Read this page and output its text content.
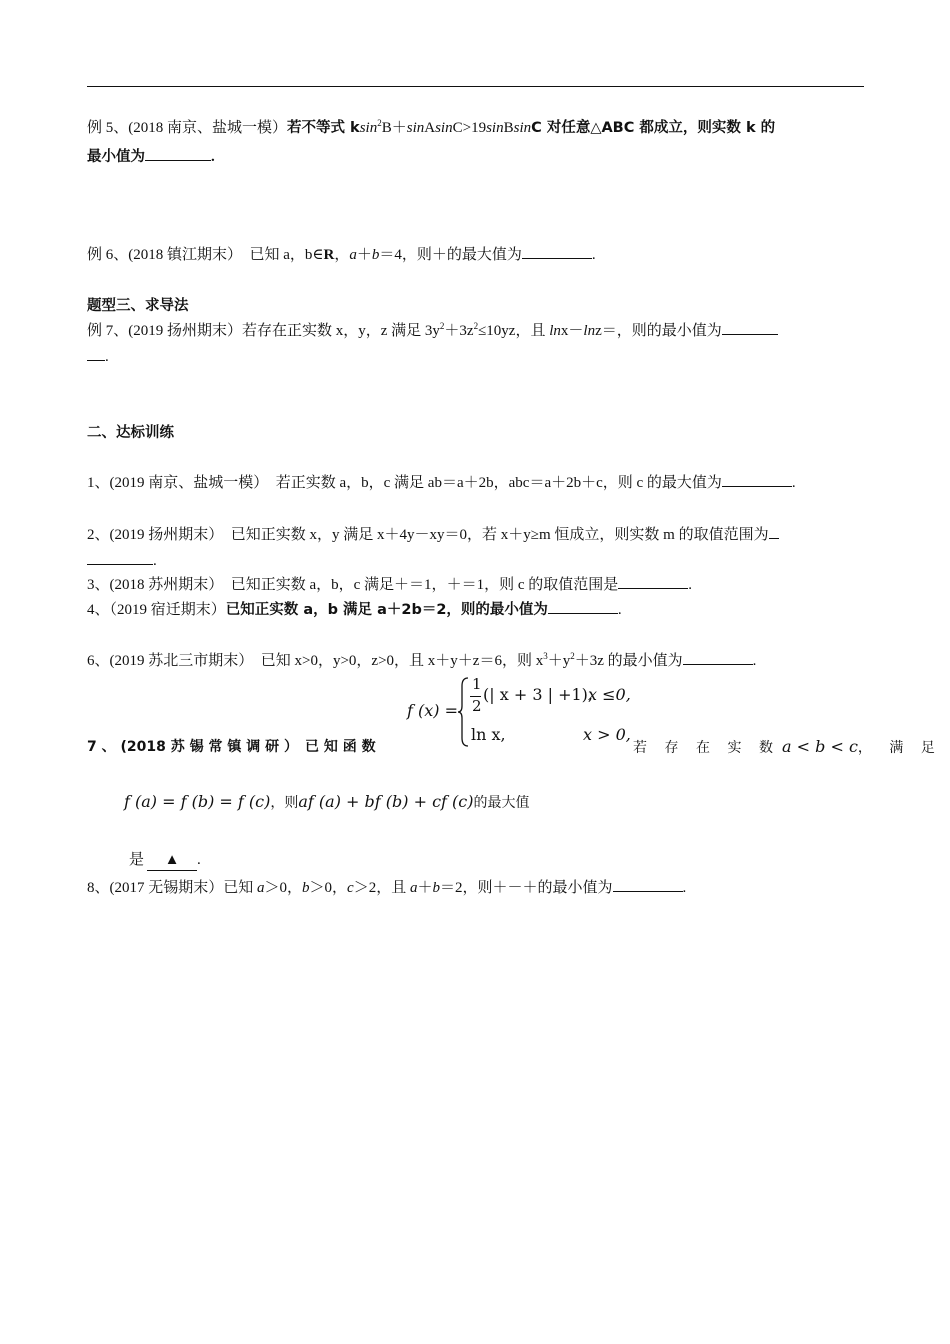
例 5、(2018 南京、盐城一模）若不等式 ksin$^2$B＋sinAsinC>19sinBsinC 对任意△ABC 都成立，则实数 k 的
最小值为	.
例 6、(2018 镇江期末）　已知 a，b∈R，a＋b＝4，则＋的最大值为	.
题型三、求导法
例 7、(2019 扬州期末）若存在正实数 x，y，z 满足 $3y^2+3z^2\le 10yz$，且 lnx－lnz＝，则的最小值为
.
二、达标训练
1、(2019 南京、盐城一模）　若正实数 a，b，c 满足 ab＝a＋2b，abc＝a＋2b＋c，则 c 的最大值为	.
2、(2019 扬州期末）　已知正实数 x，y 满足 x＋4y－xy＝0，若 x＋y≥m 恒成立，则实数 m 的取值范围为
.
3、(2018 苏州期末）　已知正实数 a，b，c 满足＋＝1，＋＝1，则 c 的取值范围是	.
4、（2019 宿迁期末）已知正实数 a，b 满足 a＋2b＝2，则的最小值为	.
6、(2019 苏北三市期末）　已知 x>0，y>0，z>0，且 x＋y＋z＝6，则 $x^3+y^2+3z$ 的最小值为	.
f (x) =
1
2
(| x + 3 | +1),
x ≤0,
ln x,	x > 0,
7 、 (2018 苏 锡 常 镇 调 研 ）　已 知 函 数	若 存 在 实 数 a < b < c， 满 足
f (a) = f (b) = f (c)，则af (a) + bf (b) + cf (c)的最大值
是 ▲ .
8、(2017 无锡期末）已知 a＞0，b＞0，c＞2，且 a＋b＝2，则＋－＋的最小值为	.
